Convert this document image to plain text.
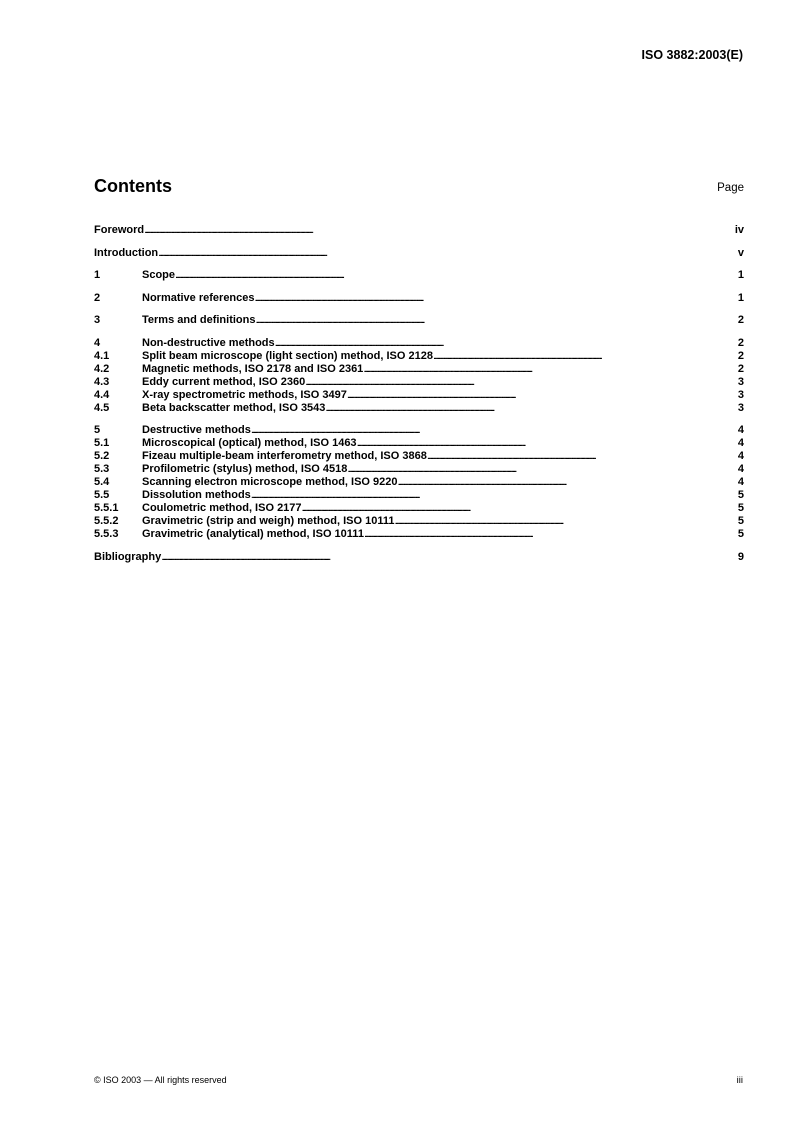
ISO 3882:2003(E)
Contents	Page
Foreword . . .	iv
Introduction . . .	v
1	Scope . . .	1
2	Normative references . . .	1
3	Terms and definitions . . .	2
4	Non-destructive methods . . .	2
4.1	Split beam microscope (light section) method, ISO 2128 . . .	2
4.2	Magnetic methods, ISO 2178 and ISO 2361 . . .	2
4.3	Eddy current method, ISO 2360 . . .	3
4.4	X-ray spectrometric methods, ISO 3497 . . .	3
4.5	Beta backscatter method, ISO 3543 . . .	3
5	Destructive methods . . .	4
5.1	Microscopical (optical) method, ISO 1463 . . .	4
5.2	Fizeau multiple-beam interferometry method, ISO 3868 . . .	4
5.3	Profilometric (stylus) method, ISO 4518 . . .	4
5.4	Scanning electron microscope method, ISO 9220 . . .	4
5.5	Dissolution methods . . .	5
5.5.1	Coulometric method, ISO 2177 . . .	5
5.5.2	Gravimetric (strip and weigh) method, ISO 10111 . . .	5
5.5.3	Gravimetric (analytical) method, ISO 10111 . . .	5
Bibliography . . .	9
© ISO 2003 — All rights reserved	iii
